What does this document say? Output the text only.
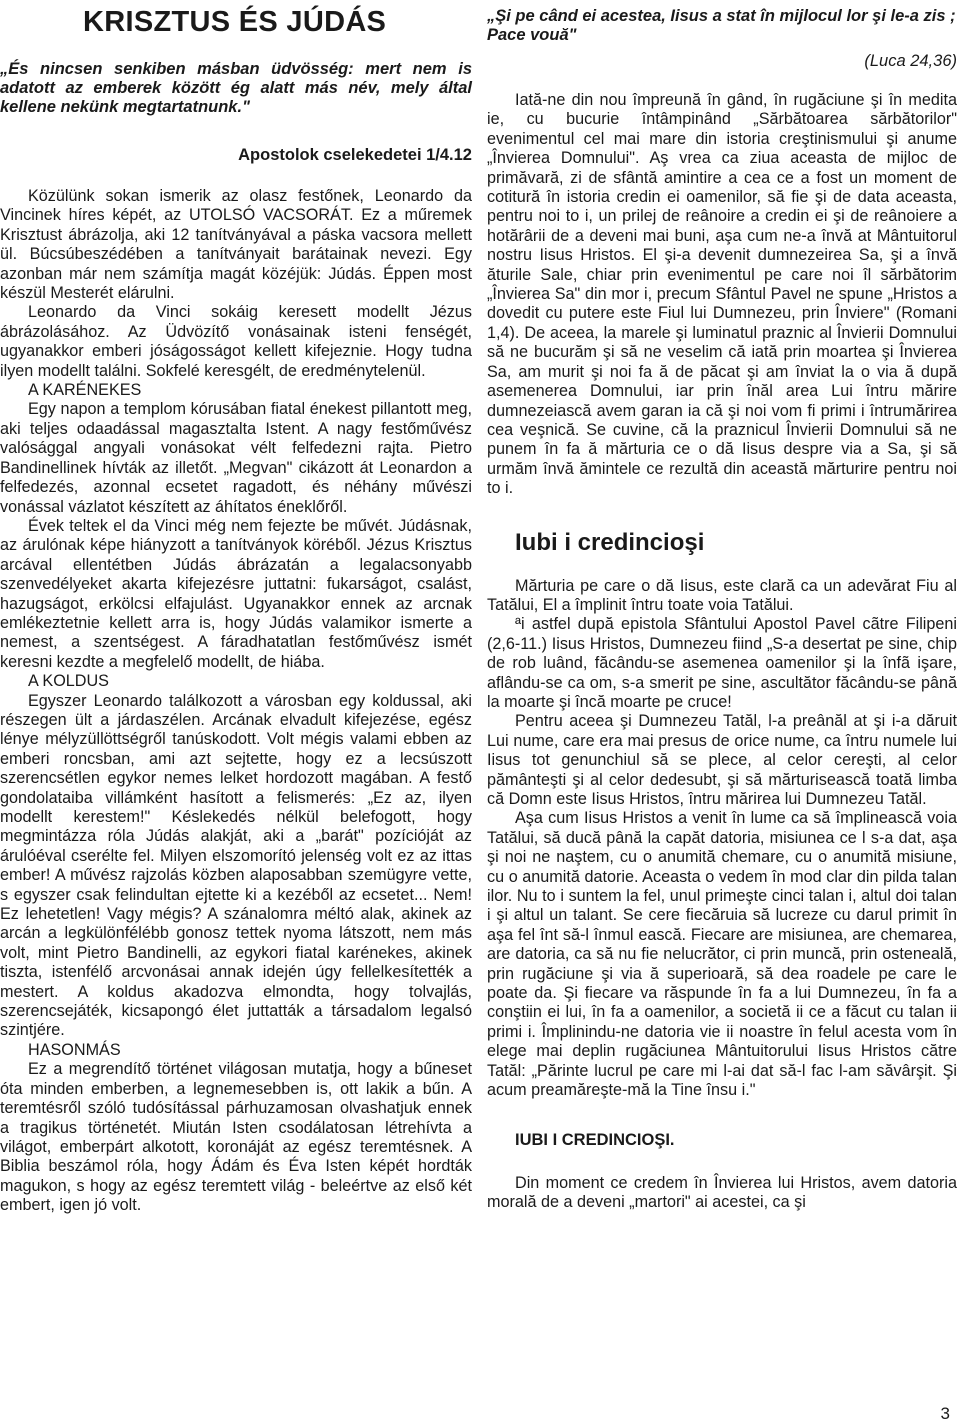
KRISZTUS ÉS JÚDÁS

„És nincsen senkiben másban üdvösség: mert nem is adatott az emberek között ég alatt más név, mely által kellene nekünk megtartatnunk."

Apostolok cselekedetei 1/4.12

Közülünk sokan ismerik az olasz festőnek, Leonardo da Vincinek híres képét, az UTOLSÓ VACSORÁT. Ez a műremek Krisztust ábrázolja, aki 12 tanítványával a páska vacsora mellett ül. Búcsúbeszédében a tanítványait barátainak nevezi. Egy azonban már nem számítja magát közéjük: Júdás. Éppen most készül Mesterét elárulni.

Leonardo da Vinci sokáig keresett modellt Jézus ábrázolásához. Az Üdvözítő vonásainak isteni fenségét, ugyanakkor emberi jóságosságot kellett kifejeznie. Hogy tudna ilyen modellt találni. Sokfelé keresgélt, de eredménytelenül.

A KARÉNEKES

Egy napon a templom kórusában fiatal énekest pillantott meg, aki teljes odaadással magasztalta Istent. A nagy festőművész valósággal angyali vonásokat vélt felfedezni rajta. Pietro Bandinellinek hívták az illetőt. „Megvan" cikázott át Leonardon a felfedezés, azonnal ecsetet ragadott, és néhány művészi vonással vázlatot készített az áhítatos éneklőről.

Évek teltek el da Vinci még nem fejezte be művét. Júdásnak, az árulónak képe hiányzott a tanítványok köréből. Jézus Krisztus arcával ellentétben Júdás ábrázatán a legalacsonyabb szenvedélyeket akarta kifejezésre juttatni: fukarságot, csalást, hazugságot, erkölcsi elfajulást. Ugyanakkor ennek az arcnak emlékeztetnie kellett arra is, hogy Júdás valamikor ismerte a nemest, a szentségest. A fáradhatatlan festőművész ismét keresni kezdte a megfelelő modellt, de hiába.

A KOLDUS

Egyszer Leonardo találkozott a városban egy koldussal, aki részegen ült a járdaszélen. Arcának elvadult kifejezése, egész lénye mélyzüllöttségről tanúskodott. Volt mégis valami ebben az emberi roncsban, ami azt sejtette, hogy ez a lecsúszott szerencsétlen egykor nemes lelket hordozott magában. A festő gondolataiba villámként hasított a felismerés: „Ez az, ilyen modellt kerestem!" Késlekedés nélkül belefogott, hogy megmintázza róla Júdás alakját, aki a „barát" pozícióját az árulóéval cserélte fel. Milyen elszomorító jelenség volt ez az ittas ember! A művész rajzolás közben alaposabban szemügyre vette, s egyszer csak felindultan ejtette ki a kezéből az ecsetet... Nem! Ez lehetetlen! Vagy mégis? A szánalomra méltó alak, akinek az arcán a legkülönfélébb gonosz tettek nyoma látszott, nem más volt, mint Pietro Bandinelli, az egykori fiatal karénekes, akinek tiszta, istenfélő arcvonásai annak idején úgy fellelkesítették a mestert. A koldus akadozva elmondta, hogy tolvajlás, szerencsejáték, kicsapongó élet juttatták a társadalom legalsó szintjére.

HASONMÁS

Ez a megrendítő történet világosan mutatja, hogy a bűneset óta minden emberben, a legnemesebben is, ott lakik a bűn. A teremtésről szóló tudósítással párhuzamosan olvashatjuk ennek a tragikus történetét. Miután Isten csodálatosan létrehívta a világot, emberpárt alkotott, koronáját az egész teremtésnek. A Biblia beszámol róla, hogy Ádám és Éva Isten képét hordták magukon, s hogy az egész teremtett világ - beleértve az első két embert, igen jó volt.

„Şi pe când ei acestea, Iisus a stat în mijlocul lor şi le-a zis ; Pace vouă"

(Luca 24,36)

Iată-ne din nou împreună în gând, în rugăciune şi în medita ie, cu bucurie întâmpinând „Sărbătoarea sărbătorilor" evenimentul cel mai mare din istoria creştinismului şi anume „Învierea Domnului". Aş vrea ca ziua aceasta de mijloc de primăvară, zi de sfântă amintire a cea ce a fost un moment de cotitură în istoria credin ei oamenilor, să fie şi de data aceasta, pentru noi to i, un prilej de reânoire a credin ei şi de reânoiere a hotărârii de a deveni mai buni, aşa cum ne-a învă at Mântuitorul nostru Iisus Hristos. El şi-a devenit dumnezeirea Sa, şi a învă ăturile Sale, chiar prin evenimentul pe care noi îl sărbătorim „Învierea Sa" din mor i, precum Sfântul Pavel ne spune „Hristos a dovedit cu putere este Fiul lui Dumnezeu, prin Înviere" (Romani 1,4). De aceea, la marele şi luminatul praznic al Învierii Domnului să ne bucurăm şi să ne veselim că iată prin moartea şi Învierea Sa, am murit şi noi fa ă de păcat şi am înviat la o via ă după asemenerea Domnului, iar prin înăl area Lui întru mărire dumnezeiască avem garan ia că şi noi vom fi primi i întrumărirea cea veşnică. Se cuvine, că la praznicul Învierii Domnului să ne punem în fa ă mărturia ce o dă Iisus despre via a Sa, şi să urmăm învă ămintele ce rezultă din această mărturire pentru noi to i.

Iubi i credincioşi

Mărturia pe care o dă Iisus, este clară ca un adevărat Fiu al Tatălui, El a împlinit întru toate voia Tatălui.

ªi astfel după epistola Sfântului Apostol Pavel cãtre Filipeni (2,6-11.) Iisus Hristos, Dumnezeu fiind „S-a desertat pe sine, chip de rob luând, făcându-se asemenea oamenilor şi la înfã işare, aflându-se ca om, s-a smerit pe sine, ascultător făcându-se până la moarte şi încă moarte pe cruce!

Pentru aceea şi Dumnezeu Tatăl, l-a preânăl at şi i-a dăruit Lui nume, care era mai presus de orice nume, ca întru numele lui Iisus tot genunchiul să se plece, al celor cereşti, al celor pământeşti şi al celor dedesubt, şi să mărturisească toată limba că Domn este Iisus Hristos, întru mărirea lui Dumnezeu Tatăl.

Aşa cum Iisus Hristos a venit în lume ca să împlinească voia Tatălui, să ducă până la capăt datoria, misiunea ce l s-a dat, aşa şi noi ne naştem, cu o anumită chemare, cu o anumită misiune, cu o anumită datorie. Aceasta o vedem în mod clar din pilda talan ilor. Nu to i suntem la fel, unul primeşte cinci talan i, altul doi talan i şi altul un talant. Se cere fiecăruia să lucreze cu darul primit în aşa fel înt să-l înmul ească. Fiecare are misiunea, are chemarea, are datoria, ca să nu fie nelucrător, ci prin muncă, prin osteneală, prin rugăciune şi via ă superioară, să dea roadele pe care le poate da. Şi fiecare va răspunde în fa a lui Dumnezeu, în fa a conştiin ei lui, în fa a oamenilor, a societă ii ce a făcut cu talan ii primi i. Împlinindu-ne datoria vie ii noastre în felul acesta vom în elege mai deplin rugăciunea Mântuitorului Iisus Hristos către Tatăl: „Părinte lucrul pe care mi l-ai dat să-l fac l-am săvârşit. Şi acum preamăreşte-mă la Tine însu i."

IUBI I CREDINCIOŞI.

Din moment ce credem în Învierea lui Hristos, avem datoria morală de a deveni „martori" ai acestei, ca şi

3
